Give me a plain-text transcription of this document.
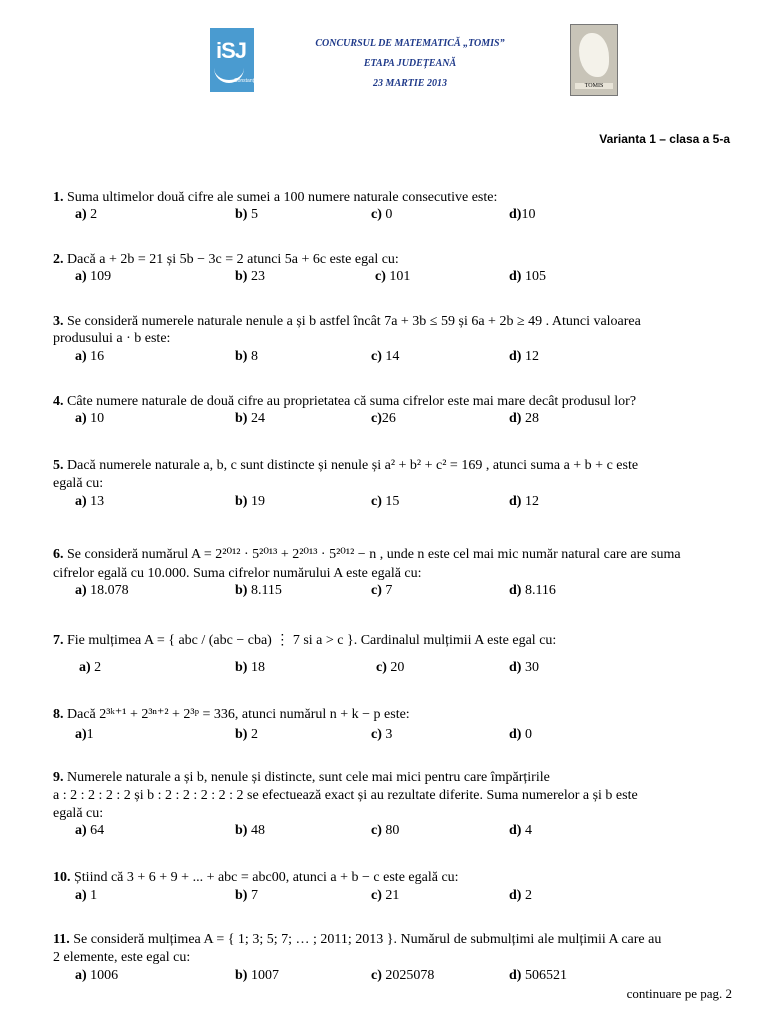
iSJ
Constanța
TOMIS
CONCURSUL DE MATEMATICĂ „TOMIS”
ETAPA JUDEȚEANĂ
23 MARTIE 2013
Varianta 1 – clasa a 5-a
1. Suma ultimelor două cifre ale sumei a 100 numere naturale consecutive este:
a) 2	b) 5	c) 0	d)10
2. Dacă a + 2b = 21 și 5b − 3c = 2 atunci 5a + 6c este egal cu:
a) 109	b) 23	c) 101	d) 105
3. Se consideră numerele naturale nenule a și b astfel încât 7a + 3b ≤ 59 și 6a + 2b ≥ 49 . Atunci valoarea
produsului a · b este:
a) 16	b) 8	c) 14	d) 12
4. Câte numere naturale de două cifre au proprietatea că suma cifrelor este mai mare decât produsul lor?
a) 10	b) 24	c)26	d) 28
5. Dacă numerele naturale a, b, c sunt distincte și nenule și a² + b² + c² = 169 , atunci suma a + b + c este
egală cu:
a) 13	b) 19	c) 15	d) 12
6. Se consideră numărul A = 2²⁰¹² · 5²⁰¹³ + 2²⁰¹³ · 5²⁰¹² − n , unde n este cel mai mic număr natural care are suma
cifrelor egală cu 10.000. Suma cifrelor numărului A este egală cu:
a) 18.078	b) 8.115	c) 7	d) 8.116
7. Fie mulțimea A = { abc / (abc − cba) ⋮ 7 si a > c }. Cardinalul mulțimii A este egal cu:
a) 2	b) 18	c) 20	d) 30
8. Dacă 2³ᵏ⁺¹ + 2³ⁿ⁺² + 2³ᵖ = 336, atunci numărul n + k − p este:
a)1	b) 2	c) 3	d) 0
9. Numerele naturale a și b, nenule și distincte, sunt cele mai mici pentru care împărțirile
a : 2 : 2 : 2 : 2 și b : 2 : 2 : 2 : 2 : 2 se efectuează exact și au rezultate diferite. Suma numerelor a și b este
egală cu:
a) 64	b) 48	c) 80	d) 4
10. Știind că 3 + 6 + 9 + ... + abc = abc00, atunci a + b − c este egală cu:
a) 1	b) 7	c) 21	d) 2
11. Se consideră mulțimea A = { 1; 3; 5; 7; … ; 2011; 2013 }. Numărul de submulțimi ale mulțimii A care au
2 elemente, este egal cu:
a) 1006	b) 1007	c) 2025078	d) 506521
continuare pe pag. 2
